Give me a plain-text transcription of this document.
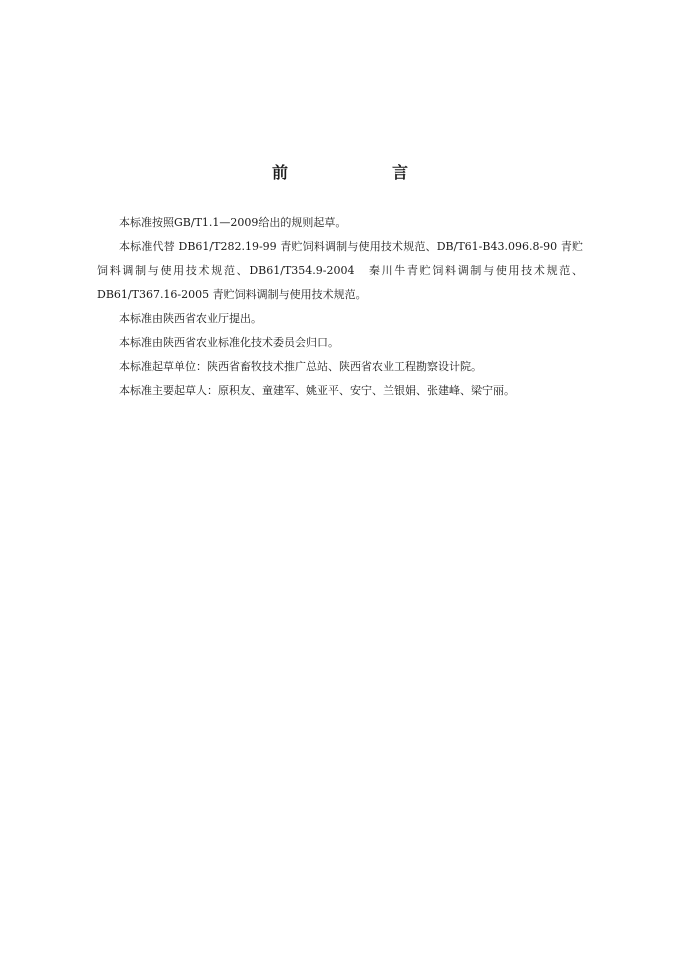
前　言

本标准按照GB/T1.1—2009给出的规则起草。

本标准代替 DB61/T282.19-99 青贮饲料调制与使用技术规范、DB/T61-B43.096.8-90 青贮饲料调制与使用技术规范、DB61/T354.9-2004　秦川牛青贮饲料调制与使用技术规范、DB61/T367.16-2005 青贮饲料调制与使用技术规范。

本标准由陕西省农业厅提出。

本标准由陕西省农业标准化技术委员会归口。

本标准起草单位：陕西省畜牧技术推广总站、陕西省农业工程勘察设计院。

本标准主要起草人：原积友、童建军、姚亚平、安宁、兰银娟、张建峰、梁宁丽。
